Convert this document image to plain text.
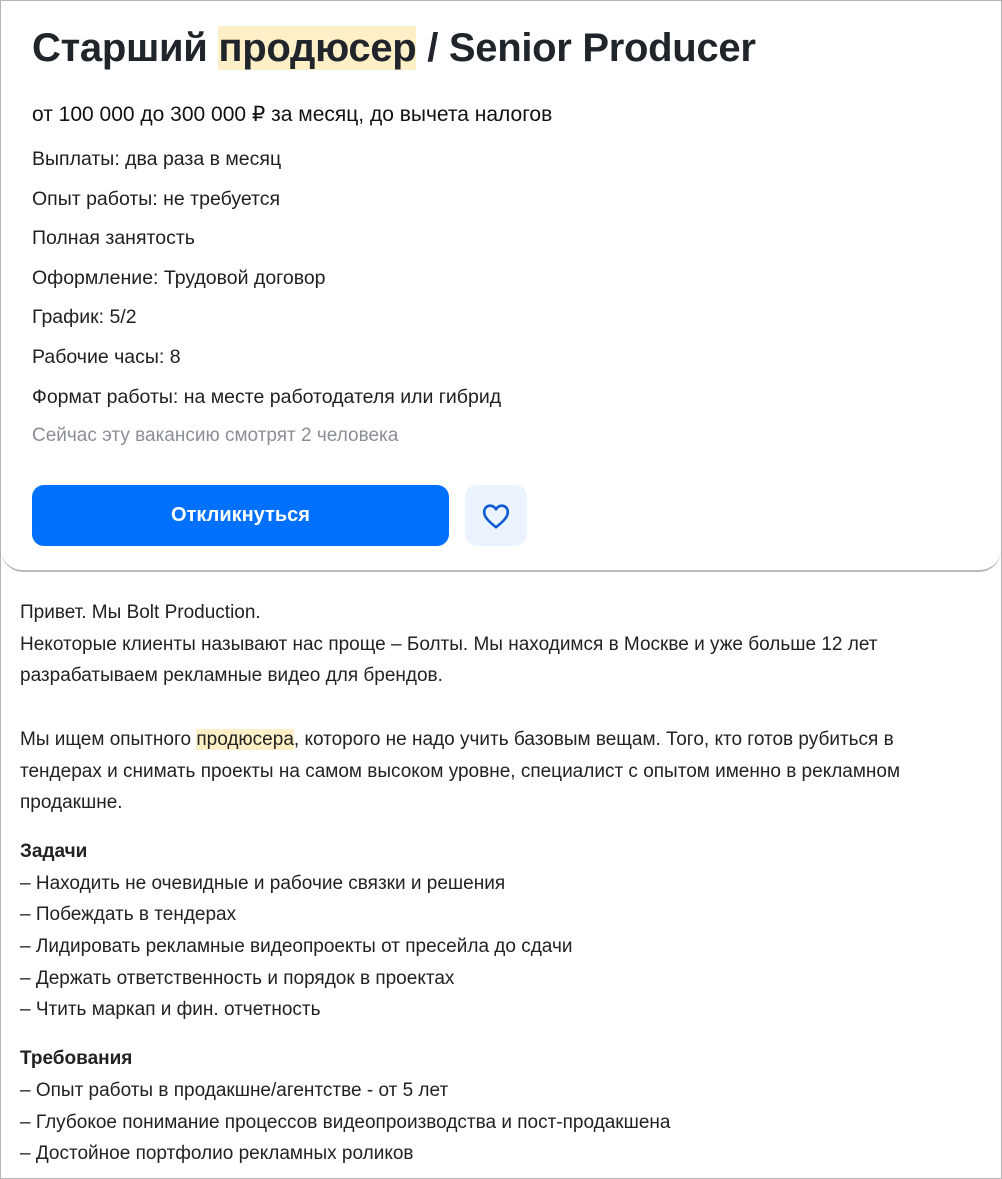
Старший продюсер / Senior Producer
от 100 000 до 300 000 ₽ за месяц, до вычета налогов
Выплаты: два раза в месяц
Опыт работы: не требуется
Полная занятость
Оформление: Трудовой договор
График: 5/2
Рабочие часы: 8
Формат работы: на месте работодателя или гибрид
Сейчас эту вакансию смотрят 2 человека
Откликнуться

Привет. Мы Bolt Production.

Некоторые клиенты называют нас проще – Болты. Мы находимся в Москве и уже больше 12 лет разрабатываем рекламные видео для брендов.

Мы ищем опытного продюсера, которого не надо учить базовым вещам. Того, кто готов рубиться в тендерах и снимать проекты на самом высоком уровне, специалист с опытом именно в рекламном продакшне.

Задачи

– Находить не очевидные и рабочие связки и решения

– Побеждать в тендерах

– Лидировать рекламные видеопроекты от пресейла до сдачи

– Держать ответственность и порядок в проектах

– Чтить маркап и фин. отчетность

Требования

– Опыт работы в продакшне/агентстве - от 5 лет

– Глубокое понимание процессов видеопроизводства и пост-продакшена

– Достойное портфолио рекламных роликов
